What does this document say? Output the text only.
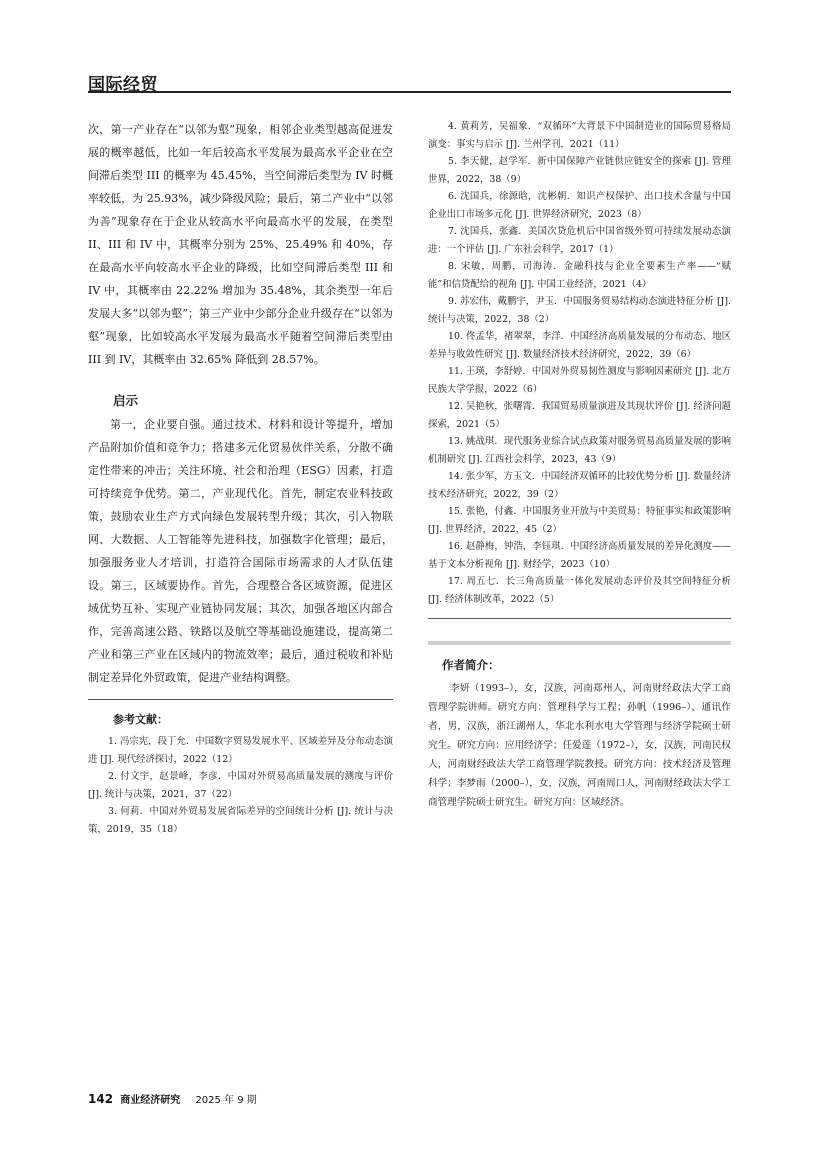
国际经贸

次，第一产业存在“以邻为壑”现象，相邻企业类型越高促进发展的概率越低，比如一年后较高水平发展为最高水平企业在空间滞后类型 III 的概率为 45.45%，当空间滞后类型为 IV 时概率较低，为 25.93%，减少降级风险；最后，第二产业中“以邻为善”现象存在于企业从较高水平向最高水平的发展，在类型 II、III 和 IV 中，其概率分别为 25%、25.49% 和 40%，存在最高水平向较高水平企业的降级，比如空间滞后类型 III 和 IV 中，其概率由 22.22% 增加为 35.48%，其余类型一年后发展大多“以邻为壑”；第三产业中少部分企业升级存在“以邻为壑”现象，比如较高水平发展为最高水平随着空间滞后类型由 III 到 IV，其概率由 32.65% 降低到 28.57%。

启示

第一，企业要自强。通过技术、材料和设计等提升，增加产品附加价值和竞争力；搭建多元化贸易伙伴关系，分散不确定性带来的冲击；关注环境、社会和治理（ESG）因素，打造可持续竞争优势。第二，产业现代化。首先，制定农业科技政策，鼓励农业生产方式向绿色发展转型升级；其次，引入物联网、大数据、人工智能等先进科技，加强数字化管理；最后，加强服务业人才培训，打造符合国际市场需求的人才队伍建设。第三，区域要协作。首先，合理整合各区域资源，促进区域优势互补、实现产业链协同发展；其次，加强各地区内部合作，完善高速公路、铁路以及航空等基础设施建设，提高第二产业和第三产业在区域内的物流效率；最后，通过税收和补贴制定差异化外贸政策，促进产业结构调整。

参考文献：
1. 冯宗宪，段丁允．中国数字贸易发展水平、区域差异及分布动态演进 [J]. 现代经济探讨，2022（12）
2. 付文宇，赵景峰，李彦．中国对外贸易高质量发展的测度与评价 [J]. 统计与决策，2021，37（22）
3. 何莉．中国对外贸易发展省际差异的空间统计分析 [J]. 统计与决策，2019，35（18）
4. 黄莉芳，吴福象．“双循环”大背景下中国制造业的国际贸易格局演变：事实与启示 [J]. 兰州学刊，2021（11）
5. 李天健，赵学军．新中国保障产业链供应链安全的探索 [J]. 管理世界，2022，38（9）
6. 沈国兵，徐源晗，沈彬朝．知识产权保护、出口技术含量与中国企业出口市场多元化 [J]. 世界经济研究，2023（8）
7. 沈国兵，张鑫．美国次贷危机后中国省级外贸可持续发展动态演进：一个评估 [J]. 广东社会科学，2017（1）
8. 宋敏，周鹏，司海涛．金融科技与企业全要素生产率——“赋能”和信贷配给的视角 [J]. 中国工业经济，2021（4）
9. 苏宏伟，戴鹏宇，尹玉．中国服务贸易结构动态演进特征分析 [J]. 统计与决策，2022，38（2）
10. 佟孟华，褚翠翠，李洋．中国经济高质量发展的分布动态、地区差异与收敛性研究 [J]. 数量经济技术经济研究，2022，39（6）
11. 王瑛，李舒婷．中国对外贸易韧性测度与影响因素研究 [J]. 北方民族大学学报，2022（6）
12. 吴艳秋，张曙霄．我国贸易质量演进及其现状评价 [J]. 经济问题探索，2021（5）
13. 姚战琪．现代服务业综合试点政策对服务贸易高质量发展的影响机制研究 [J]. 江西社会科学，2023，43（9）
14. 张少军，方玉文．中国经济双循环的比较优势分析 [J]. 数量经济技术经济研究，2022，39（2）
15. 张艳，付鑫．中国服务业开放与中美贸易：特征事实和政策影响 [J]. 世界经济，2022，45（2）
16. 赵静梅，钟浩，李钰琪．中国经济高质量发展的差异化测度——基于文本分析视角 [J]. 财经学，2023（10）
17. 周五七．长三角高质量一体化发展动态评价及其空间特征分析 [J]. 经济体制改革，2022（5）
作者简介：

李妍（1993–），女，汉族，河南郑州人，河南财经政法大学工商管理学院讲师。研究方向：管理科学与工程；孙帆（1996–），通讯作者，男，汉族，浙江湖州人，华北水利水电大学管理与经济学院硕士研究生。研究方向：应用经济学；任爱莲（1972–），女，汉族，河南民权人，河南财经政法大学工商管理学院教授。研究方向：技术经济及管理科学；李梦雨（2000–），女，汉族，河南周口人，河南财经政法大学工商管理学院硕士研究生。研究方向：区域经济。

142 商业经济研究 2025 年 9 期
